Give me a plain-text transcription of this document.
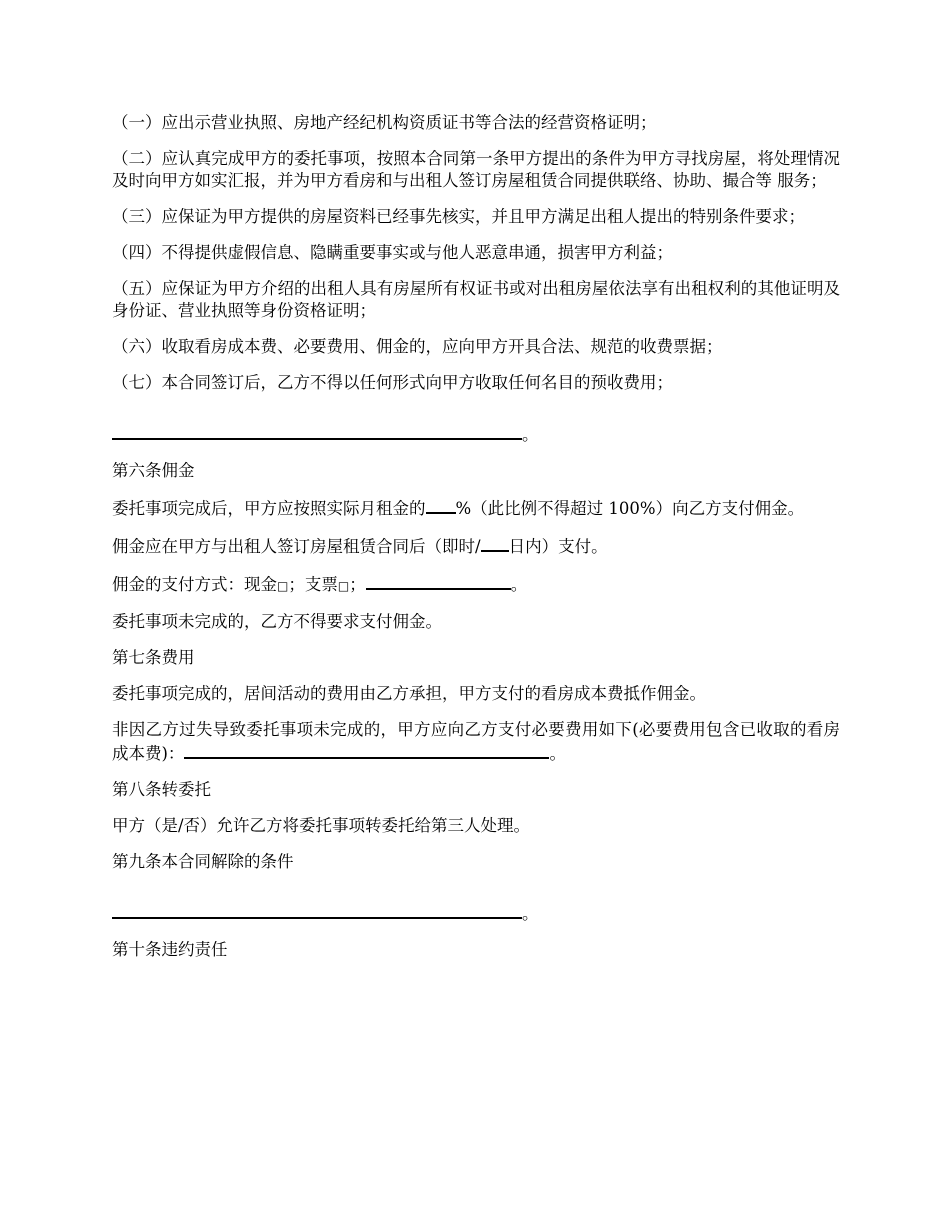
（一）应出示营业执照、房地产经纪机构资质证书等合法的经营资格证明；

（二）应认真完成甲方的委托事项，按照本合同第一条甲方提出的条件为甲方寻找房屋，将处理情况及时向甲方如实汇报，并为甲方看房和与出租人签订房屋租赁合同提供联络、协助、撮合等 服务；

（三）应保证为甲方提供的房屋资料已经事先核实，并且甲方满足出租人提出的特别条件要求；

（四）不得提供虚假信息、隐瞒重要事实或与他人恶意串通，损害甲方利益；

（五）应保证为甲方介绍的出租人具有房屋所有权证书或对出租房屋依法享有出租权利的其他证明及身份证、营业执照等身份资格证明；

（六）收取看房成本费、必要费用、佣金的，应向甲方开具合法、规范的收费票据；

（七）本合同签订后，乙方不得以任何形式向甲方收取任何名目的预收费用；

。

第六条佣金

委托事项完成后，甲方应按照实际月租金的 %（此比例不得超过 100%）向乙方支付佣金。

佣金应在甲方与出租人签订房屋租赁合同后（即时/ 日内）支付。

佣金的支付方式：现金□；支票□；	。

委托事项未完成的，乙方不得要求支付佣金。

第七条费用

委托事项完成的，居间活动的费用由乙方承担，甲方支付的看房成本费抵作佣金。

非因乙方过失导致委托事项未完成的，甲方应向乙方支付必要费用如下(必要费用包含已收取的看房成本费)：	。

第八条转委托

甲方（是/否）允许乙方将委托事项转委托给第三人处理。

第九条本合同解除的条件

。

第十条违约责任
